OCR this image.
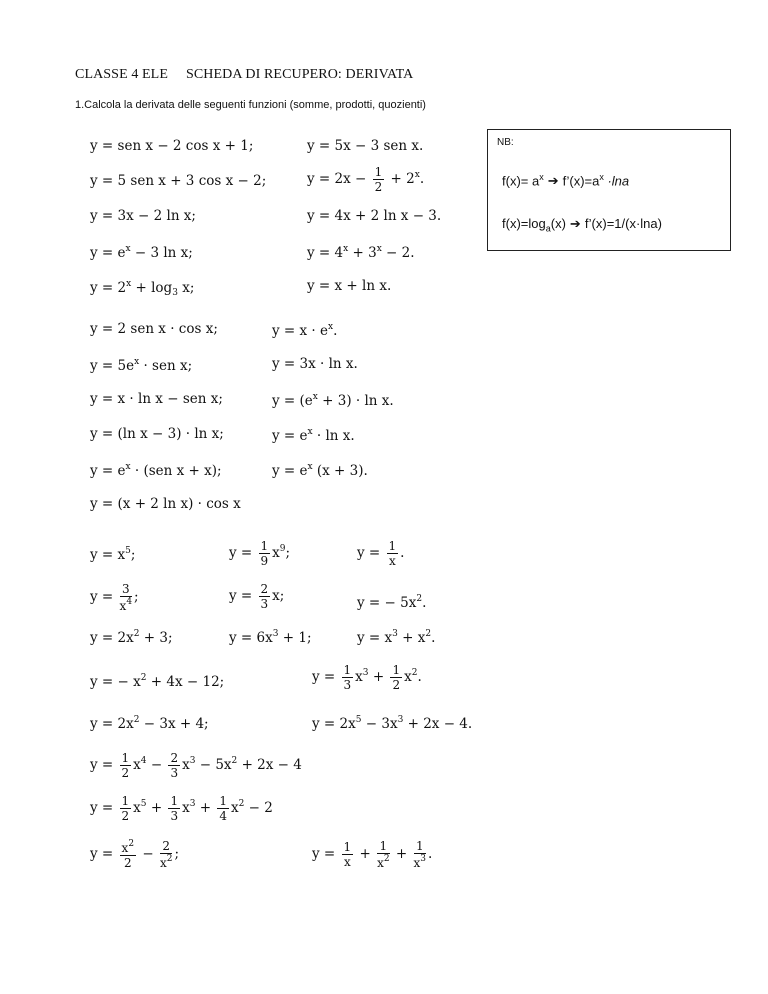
CLASSE 4 ELE SCHEDA DI RECUPERO: DERIVATA
1.Calcola la derivata delle seguenti funzioni (somme, prodotti, quozienti)
NB:
$f(x)= a^x$ ➔ $f’(x)=a^x \cdot\ln a$
$f(x)=\log_a(x)$ ➔ f’(x)=1/(x·lna)
y = sen x − 2 cos x + 1;	y = 5x − 3 sen x.
y = 5 sen x + 3 cos x − 2;	$y = 2x - \frac{1}{2} + 2^x$.
y = 3x − 2 ln x;	y = 4x + 2 ln x − 3.
$y = e^x - 3$ ln x;	$y = 4^x + 3^x - 2$.
$y = 2^x + \log_3 x$;	y = x + ln x.
y = 2 sen x · cos x;	$y = x \cdot e^x$.
$y = 5e^x$ · sen x;	y = 3x · ln x.
y = x · ln x − sen x;	$y = (e^x + 3) \cdot \ln x$.
y = (ln x − 3) · ln x;	$y = e^x \cdot \ln x$.
$y = e^x \cdot (sen$ x + x);	$y = e^x$ (x + 3).
y = (x + 2 ln x) · cos x
$y = x^5$;	$y = \frac{1}{9} x^9$;	$y = \frac{1}{x}$ .
$y = \frac{3}{x^4}$ ;	$y = \frac{2}{3} x$;	y = − $5x^2$.
$y = 2x^2 + 3$;	$y = 6x^3 + 1$;	$y = x^3 + x^2$.
y = − $x^2 + 4x - 12$;	$y = \frac{1}{3} x^3 + \frac{1}{2} x^2$.
$y = 2x^2 - 3x + 4$;	$y = 2x^5 - 3x^3 + 2x - 4$.
$y = \frac{1}{2} x^4 - \frac{2}{3} x^3 - 5x^2 + 2x - 4$
$y = \frac{1}{2} x^5 + \frac{1}{3} x^3 + \frac{1}{4} x^2 - 2$
$y = \frac{x^2}{2} - \frac{2}{x^2}$ ;	$y = \frac{1}{x} + \frac{1}{x^2} + \frac{1}{x^3}$ .
